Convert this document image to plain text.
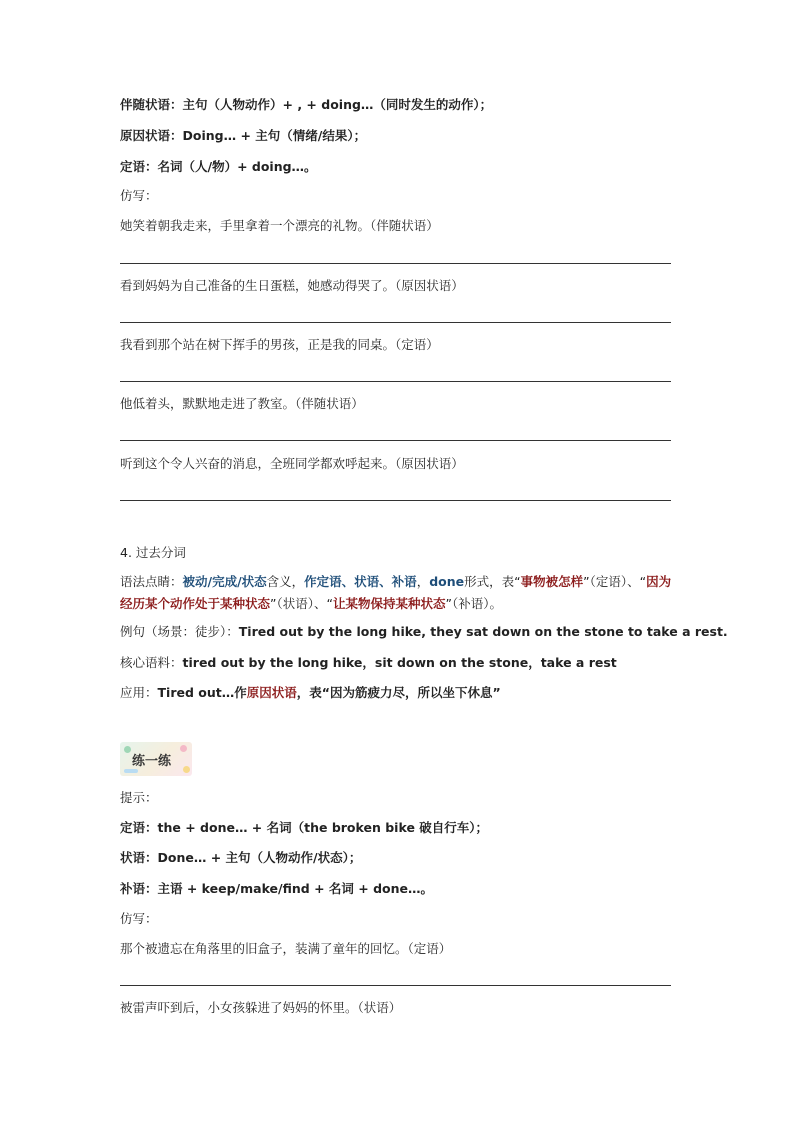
伴随状语：主句（人物动作）+ , + doing…（同时发生的动作）；
原因状语：Doing… + 主句（情绪/结果）；
定语：名词（人/物）+ doing…。
仿写：
她笑着朝我走来，手里拿着一个漂亮的礼物。（伴随状语）
看到妈妈为自己准备的生日蛋糕，她感动得哭了。（原因状语）
我看到那个站在树下挥手的男孩，正是我的同桌。（定语）
他低着头，默默地走进了教室。（伴随状语）
听到这个令人兴奋的消息，全班同学都欢呼起来。（原因状语）
4. 过去分词
语法点睛：被动/完成/状态含义，作定语、状语、补语，done形式，表“事物被怎样”（定语）、“因为经历某个动作处于某种状态”（状语）、“让某物保持某种状态”（补语）。
例句（场景：徒步）：Tired out by the long hike, they sat down on the stone to take a rest.
核心语料：tired out by the long hike，sit down on the stone，take a rest
应用：Tired out…作原因状语，表“因为筋疲力尽，所以坐下休息”
练一练
提示：
定语：the + done… + 名词（the broken bike 破自行车）；
状语：Done… + 主句（人物动作/状态）；
补语：主语 + keep/make/find + 名词 + done…。
仿写：
那个被遗忘在角落里的旧盒子，装满了童年的回忆。（定语）
被雷声吓到后，小女孩躲进了妈妈的怀里。（状语）
